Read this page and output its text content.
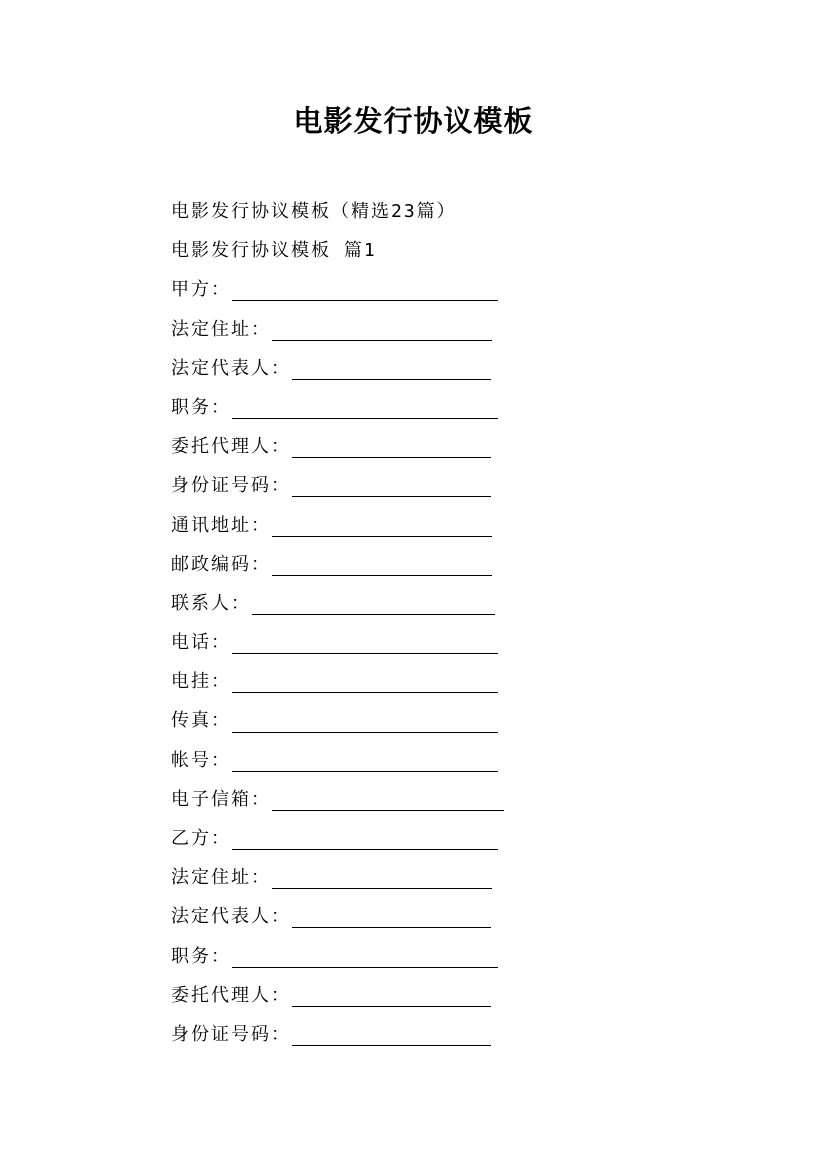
电影发行协议模板
电影发行协议模板（精选23篇）
电影发行协议模板 篇1
甲方：
法定住址：
法定代表人：
职务：
委托代理人：
身份证号码：
通讯地址：
邮政编码：
联系人：
电话：
电挂：
传真：
帐号：
电子信箱：
乙方：
法定住址：
法定代表人：
职务：
委托代理人：
身份证号码：
